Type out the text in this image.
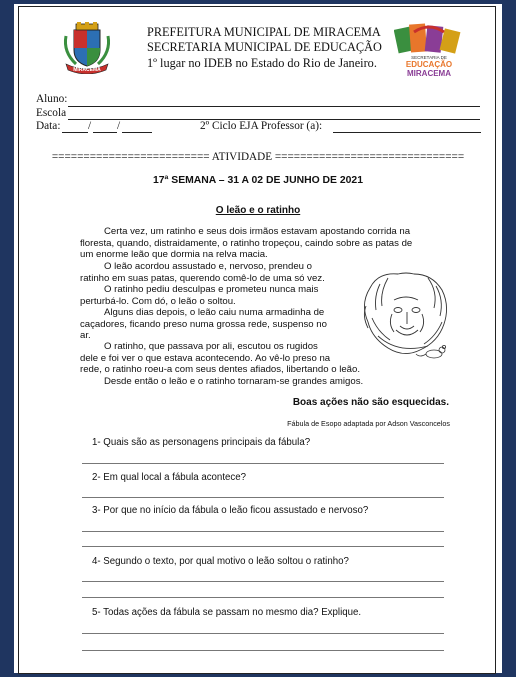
MIRACEMA
PREFEITURA MUNICIPAL DE MIRACEMA
SECRETARIA MUNICIPAL DE EDUCAÇÃO
1º lugar no IDEB no Estado do Rio de Janeiro.	SECRETARIA DE
EDUCAÇÃO
MIRACEMA
Aluno:
Escola
Data: / /	2º Ciclo EJA Professor (a):
========================= ATIVIDADE ==============================
17ª SEMANA – 31 A 02 DE JUNHO DE 2021
O leão e o ratinho
Certa vez, um ratinho e seus dois irmãos estavam apostando corrida na
floresta, quando, distraidamente, o ratinho tropeçou, caindo sobre as patas de
um enorme leão que dormia na relva macia.
O leão acordou assustado e, nervoso, prendeu o
ratinho em suas patas, querendo comê-lo de uma só vez.
O ratinho pediu desculpas e prometeu nunca mais
perturbá-lo. Com dó, o leão o soltou.
Alguns dias depois, o leão caiu numa armadinha de
caçadores, ficando preso numa grossa rede, suspenso no
ar.
O ratinho, que passava por ali, escutou os rugidos
dele e foi ver o que estava acontecendo. Ao vê-lo preso na
rede, o ratinho roeu-a com seus dentes afiados, libertando o leão.
Desde então o leão e o ratinho tornaram-se grandes amigos.
Boas ações não são esquecidas.
Fábula de Esopo adaptada por Adson Vasconcelos
1- Quais são as personagens principais da fábula?
2- Em qual local a fábula acontece?
3- Por que no início da fábula o leão ficou assustado e nervoso?
4- Segundo o texto, por qual motivo o leão soltou o ratinho?
5- Todas ações da fábula se passam no mesmo dia? Explique.
